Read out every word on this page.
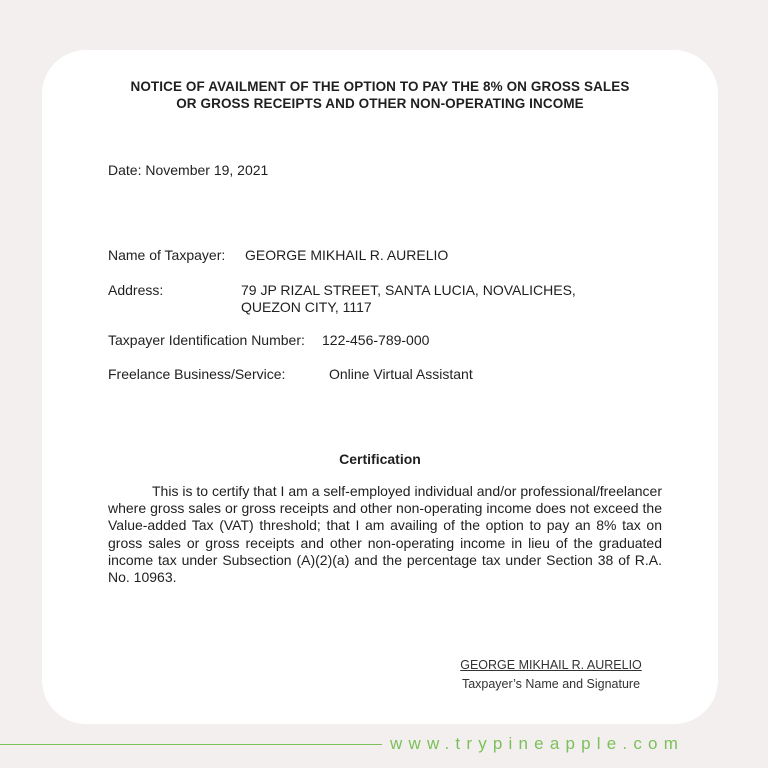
NOTICE OF AVAILMENT OF THE OPTION TO PAY THE 8% ON GROSS SALES
OR GROSS RECEIPTS AND OTHER NON-OPERATING INCOME
Date: November 19, 2021
Name of Taxpayer: GEORGE MIKHAIL R. AURELIO
Address:	79 JP RIZAL STREET, SANTA LUCIA, NOVALICHES,
QUEZON CITY, 1117
Taxpayer Identification Number: 122-456-789-000
Freelance Business/Service:	Online Virtual Assistant
Certification
This is to certify that I am a self-employed individual and/or professional/freelancer where gross sales or gross receipts and other non-operating income does not exceed the Value-added Tax (VAT) threshold; that I am availing of the option to pay an 8% tax on gross sales or gross receipts and other non-operating income in lieu of the graduated income tax under Subsection (A)(2)(a) and the percentage tax under Section 38 of R.A. No. 10963.
GEORGE MIKHAIL R. AURELIO
Taxpayer’s Name and Signature
www.trypineapple.com
